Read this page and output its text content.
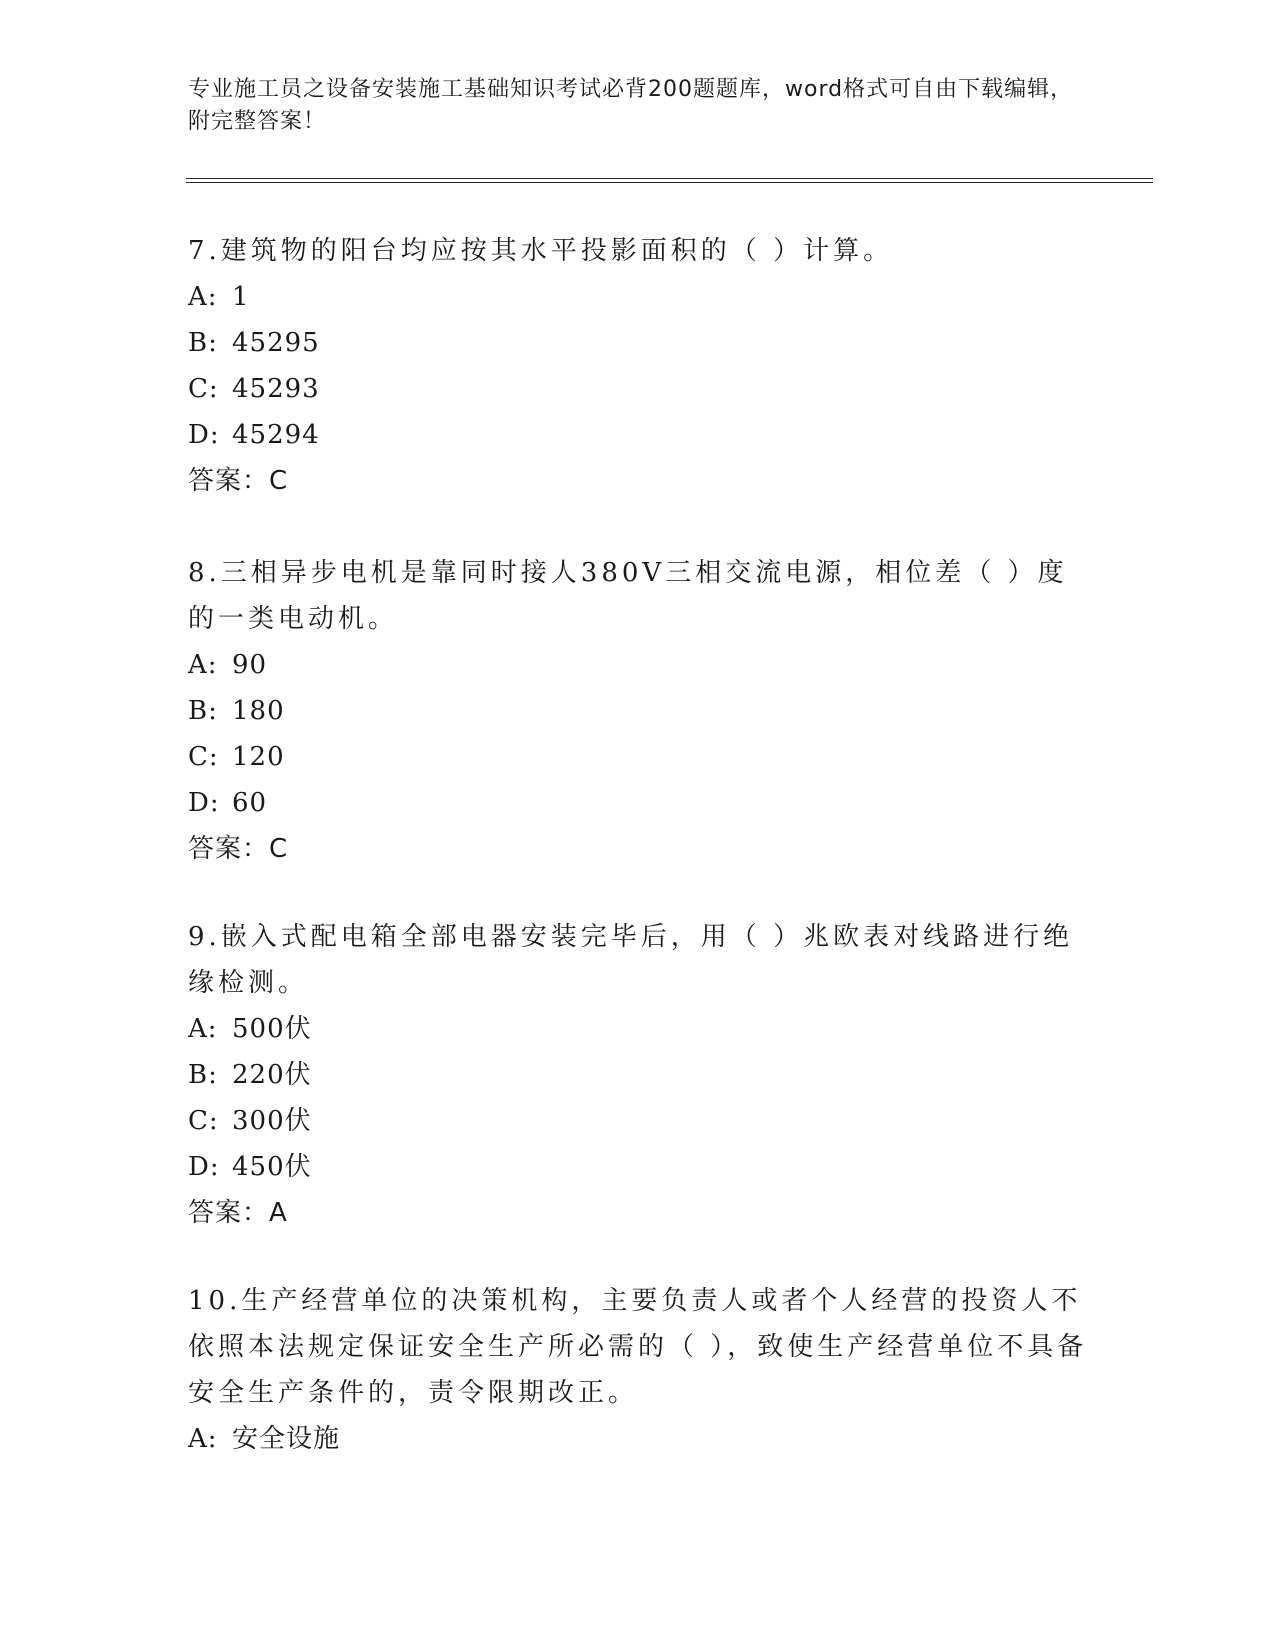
专业施工员之设备安装施工基础知识考试必背200题题库，word格式可自由下载编辑，附完整答案！

7.建筑物的阳台均应按其水平投影面积的（ ）计算。

A: 1

B: 45295

C: 45293

D: 45294

答案：C

8.三相异步电机是靠同时接人380V三相交流电源，相位差（ ）度的一类电动机。

A: 90

B: 180

C: 120

D: 60

答案：C

9.嵌入式配电箱全部电器安装完毕后，用（ ）兆欧表对线路进行绝缘检测。

A: 500伏

B: 220伏

C: 300伏

D: 450伏

答案：A

10.生产经营单位的决策机构，主要负责人或者个人经营的投资人不依照本法规定保证安全生产所必需的（ ），致使生产经营单位不具备安全生产条件的，责令限期改正。

A: 安全设施
